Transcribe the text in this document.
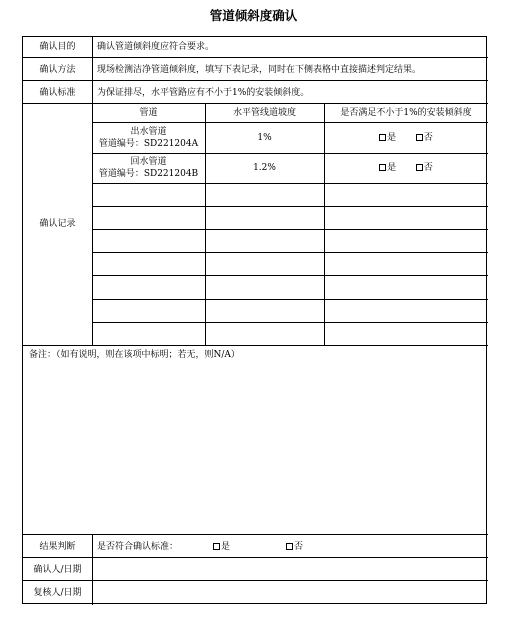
管道倾斜度确认
确认目的	确认管道倾斜度应符合要求。
确认方法	现场检测洁净管道倾斜度，填写下表记录，同时在下侧表格中直接描述判定结果。
确认标准	为保证排尽，水平管路应有不小于1%的安装倾斜度。
确认记录
管道	水平管线道坡度	是否满足不小于1%的安装倾斜度
出水管道
管道编号：SD221204A
1%	是	否
回水管道
管道编号：SD221204B
1.2%	是	否
备注：（如有说明，则在该项中标明；若无，则N/A）
结果判断	是否符合确认标准：	是	否
确认人/日期
复核人/日期
